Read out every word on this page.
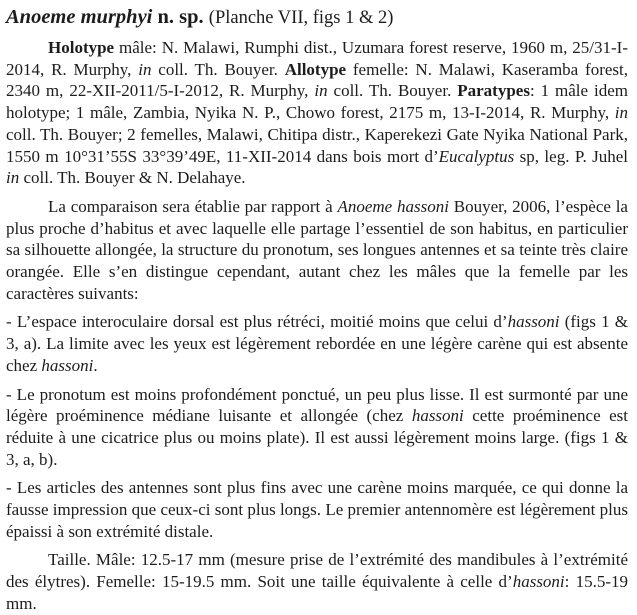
Anoeme murphyi n. sp. (Planche VII, figs 1 & 2)

Holotype mâle: N. Malawi, Rumphi dist., Uzumara forest reserve, 1960 m, 25/31-I-2014, R. Murphy, in coll. Th. Bouyer. Allotype femelle: N. Malawi, Kaseramba forest, 2340 m, 22-XII-2011/5-I-2012, R. Murphy, in coll. Th. Bouyer. Paratypes: 1 mâle idem holotype; 1 mâle, Zambia, Nyika N. P., Chowo forest, 2175 m, 13-I-2014, R. Murphy, in coll. Th. Bouyer; 2 femelles, Malawi, Chitipa distr., Kaperekezi Gate Nyika National Park, 1550 m 10°31’55S 33°39’49E, 11-XII-2014 dans bois mort d’Eucalyptus sp, leg. P. Juhel in coll. Th. Bouyer & N. Delahaye.

La comparaison sera établie par rapport à Anoeme hassoni Bouyer, 2006, l’espèce la plus proche d’habitus et avec laquelle elle partage l’essentiel de son habitus, en particulier sa silhouette allongée, la structure du pronotum, ses longues antennes et sa teinte très claire orangée. Elle s’en distingue cependant, autant chez les mâles que la femelle par les caractères suivants:

- L’espace interoculaire dorsal est plus rétréci, moitié moins que celui d’hassoni (figs 1 & 3, a). La limite avec les yeux est légèrement rebordée en une légère carène qui est absente chez hassoni.

- Le pronotum est moins profondément ponctué, un peu plus lisse. Il est surmonté par une légère proéminence médiane luisante et allongée (chez hassoni cette proéminence est réduite à une cicatrice plus ou moins plate). Il est aussi légèrement moins large. (figs 1 & 3, a, b).

- Les articles des antennes sont plus fins avec une carène moins marquée, ce qui donne la fausse impression que ceux-ci sont plus longs. Le premier antennomère est légèrement plus épaissi à son extrémité distale.

Taille. Mâle: 12.5-17 mm (mesure prise de l’extrémité des mandibules à l’extrémité des élytres). Femelle: 15-19.5 mm. Soit une taille équivalente à celle d’hassoni: 15.5-19 mm.
